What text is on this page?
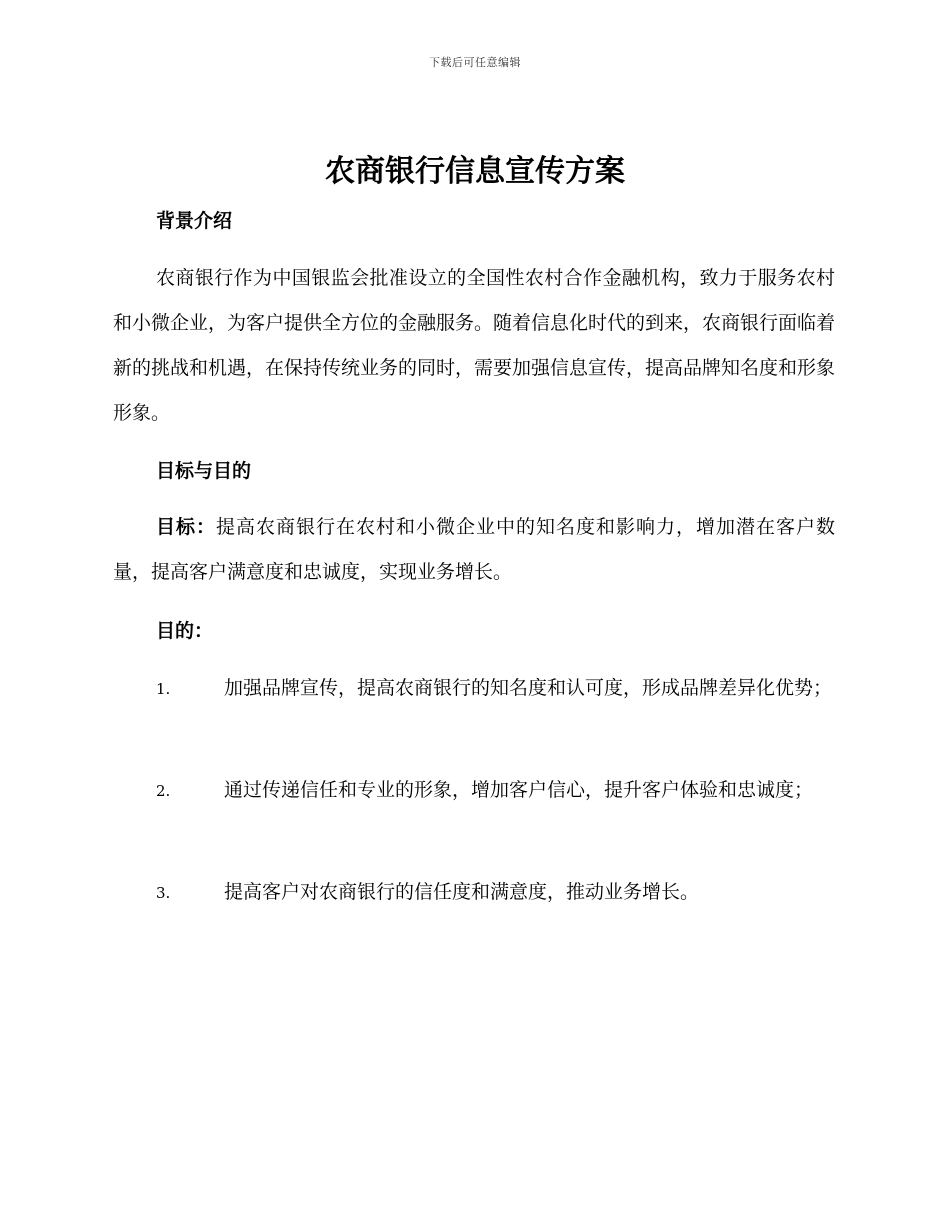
下载后可任意编辑
农商银行信息宣传方案
背景介绍

农商银行作为中国银监会批准设立的全国性农村合作金融机构，致力于服务农村和小微企业，为客户提供全方位的金融服务。随着信息化时代的到来，农商银行面临着新的挑战和机遇，在保持传统业务的同时，需要加强信息宣传，提高品牌知名度和形象形象。

目标与目的

目标：提高农商银行在农村和小微企业中的知名度和影响力，增加潜在客户数量，提高客户满意度和忠诚度，实现业务增长。

目的：

1.	加强品牌宣传，提高农商银行的知名度和认可度，形成品牌差异化优势；

2.	通过传递信任和专业的形象，增加客户信心，提升客户体验和忠诚度；

3.	提高客户对农商银行的信任度和满意度，推动业务增长。
